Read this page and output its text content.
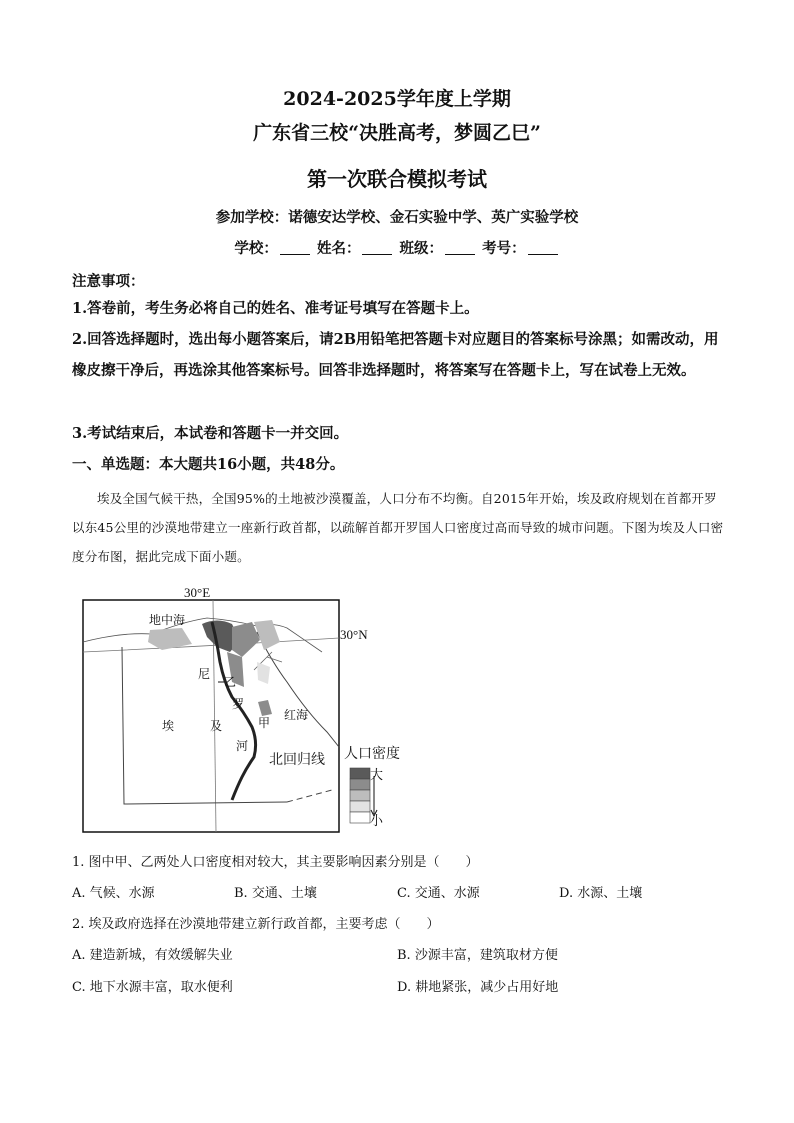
2024-2025学年度上学期
广东省三校“决胜高考，梦圆乙巳”
第一次联合模拟考试
参加学校：诺德安达学校、金石实验中学、英广实验学校
学校：	姓名：	班级：	考号：
注意事项：
1.答卷前，考生务必将自己的姓名、准考证号填写在答题卡上。
2.回答选择题时，选出每小题答案后，请2B用铅笔把答题卡对应题目的答案标号涂黑；如需改动，用橡皮擦干净后，再选涂其他答案标号。回答非选择题时，将答案写在答题卡上，写在试卷上无效。
3.考试结束后，本试卷和答题卡一并交回。
一、单选题：本大题共16小题，共48分。
埃及全国气候干热，全国95%的土地被沙漠覆盖，人口分布不均衡。自2015年开始，埃及政府规划在首都开罗以东45公里的沙漠地带建立一座新行政首都，以疏解首都开罗国人口密度过高而导致的城市问题。下图为埃及人口密度分布图，据此完成下面小题。
30°E
30°N
地中海
红海
尼
罗
河
埃	及	甲
乙
北回归线 人口密度
大
小
1. 图中甲、乙两处人口密度相对较大，其主要影响因素分别是（　　）
A. 气候、水源	B. 交通、土壤	C. 交通、水源	D. 水源、土壤
2. 埃及政府选择在沙漠地带建立新行政首都，主要考虑（　　）
A. 建造新城，有效缓解失业	B. 沙源丰富，建筑取材方便
C. 地下水源丰富，取水便利	D. 耕地紧张，减少占用好地
